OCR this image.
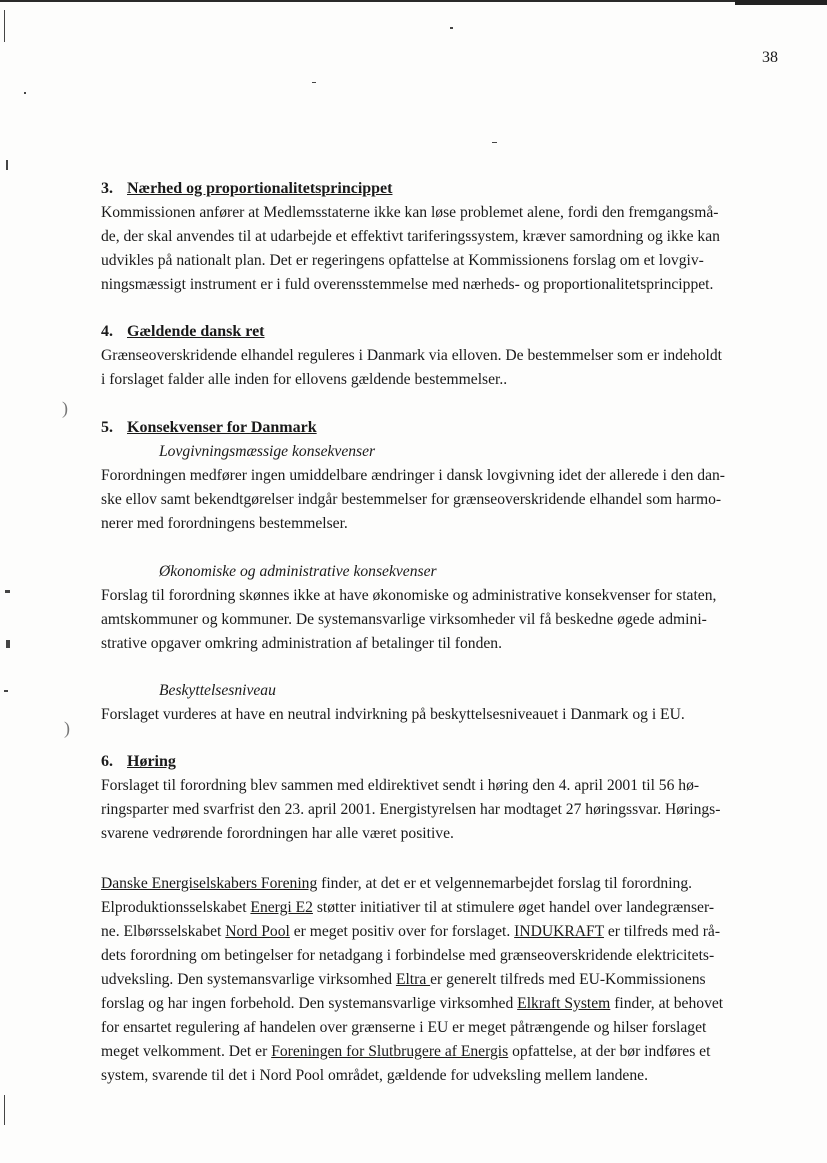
38
)
)
3. Nærhed og proportionalitetsprincippet
Kommissionen anfører at Medlemsstaterne ikke kan løse problemet alene, fordi den fremgangsmå-
de, der skal anvendes til at udarbejde et effektivt tariferingssystem, kræver samordning og ikke kan
udvikles på nationalt plan. Det er regeringens opfattelse at Kommissionens forslag om et lovgiv-
ningsmæssigt instrument er i fuld overensstemmelse med nærheds- og proportionalitetsprincippet.
4. Gældende dansk ret
Grænseoverskridende elhandel reguleres i Danmark via elloven. De bestemmelser som er indeholdt
i forslaget falder alle inden for ellovens gældende bestemmelser..
5. Konsekvenser for Danmark
Lovgivningsmæssige konsekvenser
Forordningen medfører ingen umiddelbare ændringer i dansk lovgivning idet der allerede i den dan-
ske ellov samt bekendtgørelser indgår bestemmelser for grænseoverskridende elhandel som harmo-
nerer med forordningens bestemmelser.
Økonomiske og administrative konsekvenser
Forslag til forordning skønnes ikke at have økonomiske og administrative konsekvenser for staten,
amtskommuner og kommuner. De systemansvarlige virksomheder vil få beskedne øgede admini-
strative opgaver omkring administration af betalinger til fonden.
Beskyttelsesniveau
Forslaget vurderes at have en neutral indvirkning på beskyttelsesniveauet i Danmark og i EU.
6. Høring
Forslaget til forordning blev sammen med eldirektivet sendt i høring den 4. april 2001 til 56 hø-
ringsparter med svarfrist den 23. april 2001. Energistyrelsen har modtaget 27 høringssvar. Hørings-
svarene vedrørende forordningen har alle været positive.
Danske Energiselskabers Forening finder, at det er et velgennemarbejdet forslag til forordning.
Elproduktionsselskabet Energi E2 støtter initiativer til at stimulere øget handel over landegrænser-
ne. Elbørsselskabet Nord Pool er meget positiv over for forslaget. INDUKRAFT er tilfreds med rå-
dets forordning om betingelser for netadgang i forbindelse med grænseoverskridende elektricitets-
udveksling. Den systemansvarlige virksomhed Eltra er generelt tilfreds med EU-Kommissionens
forslag og har ingen forbehold. Den systemansvarlige virksomhed Elkraft System finder, at behovet
for ensartet regulering af handelen over grænserne i EU er meget påtrængende og hilser forslaget
meget velkomment. Det er Foreningen for Slutbrugere af Energis opfattelse, at der bør indføres et
system, svarende til det i Nord Pool området, gældende for udveksling mellem landene.
